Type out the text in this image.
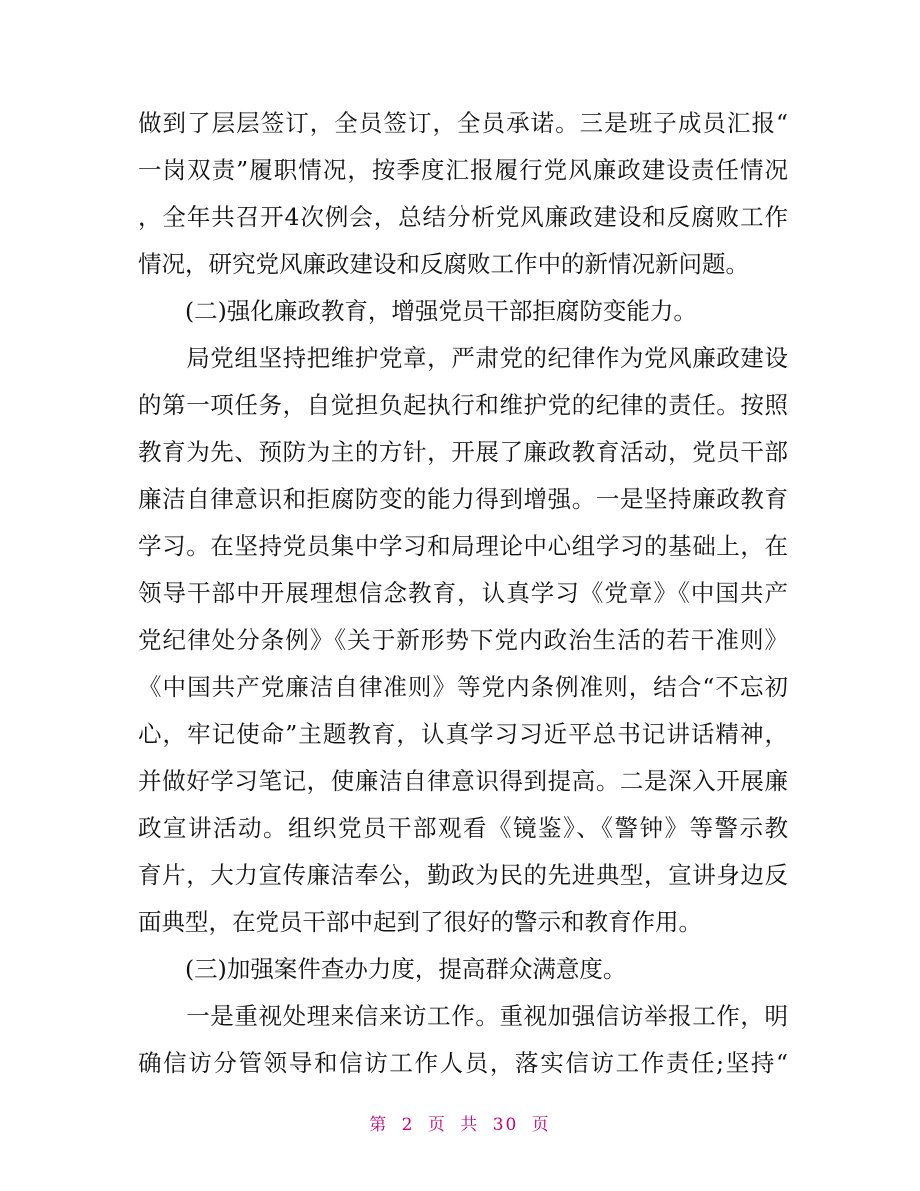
做到了层层签订，全员签订，全员承诺。三是班子成员汇报“
一岗双责”履职情况，按季度汇报履行党风廉政建设责任情况
，全年共召开4次例会，总结分析党风廉政建设和反腐败工作
情况，研究党风廉政建设和反腐败工作中的新情况新问题。
　　(二)强化廉政教育，增强党员干部拒腐防变能力。
　　局党组坚持把维护党章，严肃党的纪律作为党风廉政建设
的第一项任务，自觉担负起执行和维护党的纪律的责任。按照
教育为先、预防为主的方针，开展了廉政教育活动，党员干部
廉洁自律意识和拒腐防变的能力得到增强。一是坚持廉政教育
学习。在坚持党员集中学习和局理论中心组学习的基础上，在
领导干部中开展理想信念教育，认真学习《党章》《中国共产
党纪律处分条例》《关于新形势下党内政治生活的若干准则》
《中国共产党廉洁自律准则》等党内条例准则，结合“不忘初
心，牢记使命”主题教育，认真学习习近平总书记讲话精神，
并做好学习笔记，使廉洁自律意识得到提高。二是深入开展廉
政宣讲活动。组织党员干部观看《镜鉴》、《警钟》等警示教
育片，大力宣传廉洁奉公，勤政为民的先进典型，宣讲身边反
面典型，在党员干部中起到了很好的警示和教育作用。
　　(三)加强案件查办力度，提高群众满意度。
　　一是重视处理来信来访工作。重视加强信访举报工作，明
确信访分管领导和信访工作人员，落实信访工作责任;坚持“
第 2 页 共 30 页
